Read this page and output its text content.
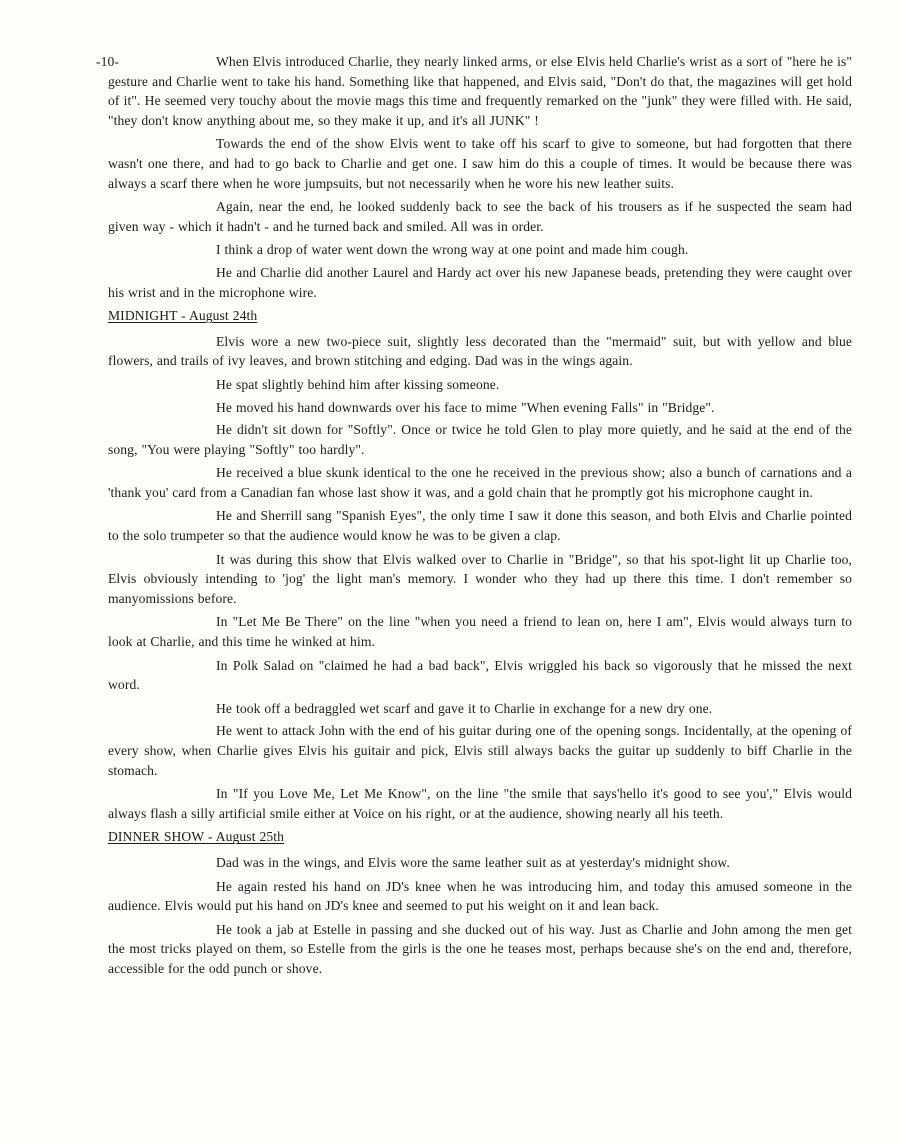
-10-	When Elvis introduced Charlie, they nearly linked arms, or else Elvis held Charlie's wrist as a sort of "here he is" gesture and Charlie went to take his hand. Something like that happened, and Elvis said, "Don't do that, the magazines will get hold of it". He seemed very touchy about the movie mags this time and frequently remarked on the "junk" they were filled with. He said, "they don't know anything about me, so they make it up, and it's all JUNK" !

Towards the end of the show Elvis went to take off his scarf to give to someone, but had forgotten that there wasn't one there, and had to go back to Charlie and get one. I saw him do this a couple of times. It would be because there was always a scarf there when he wore jumpsuits, but not necessarily when he wore his new leather suits.

Again, near the end, he looked suddenly back to see the back of his trousers as if he suspected the seam had given way - which it hadn't - and he turned back and smiled. All was in order.

I think a drop of water went down the wrong way at one point and made him cough.

He and Charlie did another Laurel and Hardy act over his new Japanese beads, pretending they were caught over his wrist and in the microphone wire.

MIDNIGHT - August 24th

Elvis wore a new two-piece suit, slightly less decorated than the "mermaid" suit, but with yellow and blue flowers, and trails of ivy leaves, and brown stitching and edging. Dad was in the wings again.

He spat slightly behind him after kissing someone.

He moved his hand downwards over his face to mime "When evening Falls" in "Bridge".

He didn't sit down for "Softly". Once or twice he told Glen to play more quietly, and he said at the end of the song, "You were playing "Softly" too hardly".

He received a blue skunk identical to the one he received in the previous show; also a bunch of carnations and a 'thank you' card from a Canadian fan whose last show it was, and a gold chain that he promptly got his microphone caught in.

He and Sherrill sang "Spanish Eyes", the only time I saw it done this season, and both Elvis and Charlie pointed to the solo trumpeter so that the audience would know he was to be given a clap.

It was during this show that Elvis walked over to Charlie in "Bridge", so that his spot-light lit up Charlie too, Elvis obviously intending to 'jog' the light man's memory. I wonder who they had up there this time. I don't remember so manyomissions before.

In "Let Me Be There" on the line "when you need a friend to lean on, here I am", Elvis would always turn to look at Charlie, and this time he winked at him.

In Polk Salad on "claimed he had a bad back", Elvis wriggled his back so vigorously that he missed the next word.

He took off a bedraggled wet scarf and gave it to Charlie in exchange for a new dry one.

He went to attack John with the end of his guitar during one of the opening songs. Incidentally, at the opening of every show, when Charlie gives Elvis his guitair and pick, Elvis still always backs the guitar up suddenly to biff Charlie in the stomach.

In "If you Love Me, Let Me Know", on the line "the smile that says'hello it's good to see you'," Elvis would always flash a silly artificial smile either at Voice on his right, or at the audience, showing nearly all his teeth.

DINNER SHOW - August 25th

Dad was in the wings, and Elvis wore the same leather suit as at yesterday's midnight show.

He again rested his hand on JD's knee when he was introducing him, and today this amused someone in the audience. Elvis would put his hand on JD's knee and seemed to put his weight on it and lean back.

He took a jab at Estelle in passing and she ducked out of his way. Just as Charlie and John among the men get the most tricks played on them, so Estelle from the girls is the one he teases most, perhaps because she's on the end and, therefore, accessible for the odd punch or shove.
